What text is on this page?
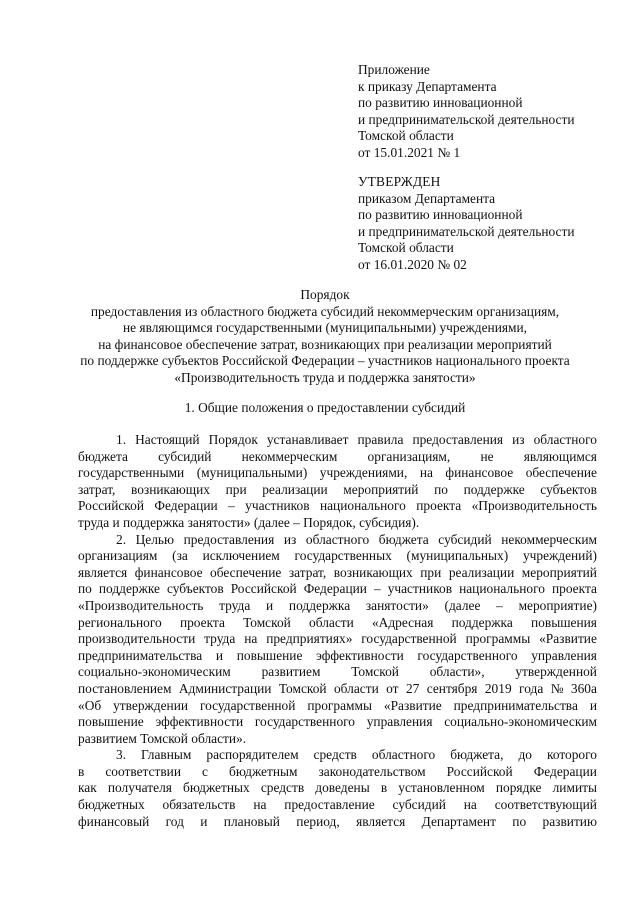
Приложение
к приказу Департамента
по развитию инновационной
и предпринимательской деятельности
Томской области
от 15.01.2021 № 1
УТВЕРЖДЕН
приказом Департамента
по развитию инновационной
и предпринимательской деятельности
Томской области
от 16.01.2020 № 02
Порядок
предоставления из областного бюджета субсидий некоммерческим организациям,
не являющимся государственными (муниципальными) учреждениями,
на финансовое обеспечение затрат, возникающих при реализации мероприятий
по поддержке субъектов Российской Федерации – участников национального проекта
«Производительность труда и поддержка занятости»
1. Общие положения о предоставлении субсидий
1. Настоящий Порядок устанавливает правила предоставления из областного
бюджета субсидий некоммерческим организациям, не являющимся
государственными (муниципальными) учреждениями, на финансовое обеспечение
затрат, возникающих при реализации мероприятий по поддержке субъектов
Российской Федерации – участников национального проекта «Производительность
труда и поддержка занятости» (далее – Порядок, субсидия).
2. Целью предоставления из областного бюджета субсидий некоммерческим
организациям (за исключением государственных (муниципальных) учреждений)
является финансовое обеспечение затрат, возникающих при реализации мероприятий
по поддержке субъектов Российской Федерации – участников национального проекта
«Производительность труда и поддержка занятости» (далее – мероприятие)
регионального проекта Томской области «Адресная поддержка повышения
производительности труда на предприятиях» государственной программы «Развитие
предпринимательства и повышение эффективности государственного управления
социально-экономическим развитием Томской области», утвержденной
постановлением Администрации Томской области от 27 сентября 2019 года № 360а
«Об утверждении государственной программы «Развитие предпринимательства и
повышение эффективности государственного управления социально-экономическим
развитием Томской области».
3. Главным распорядителем средств областного бюджета, до которого
в соответствии с бюджетным законодательством Российской Федерации
как получателя бюджетных средств доведены в установленном порядке лимиты
бюджетных обязательств на предоставление субсидий на соответствующий
финансовый год и плановый период, является Департамент по развитию
